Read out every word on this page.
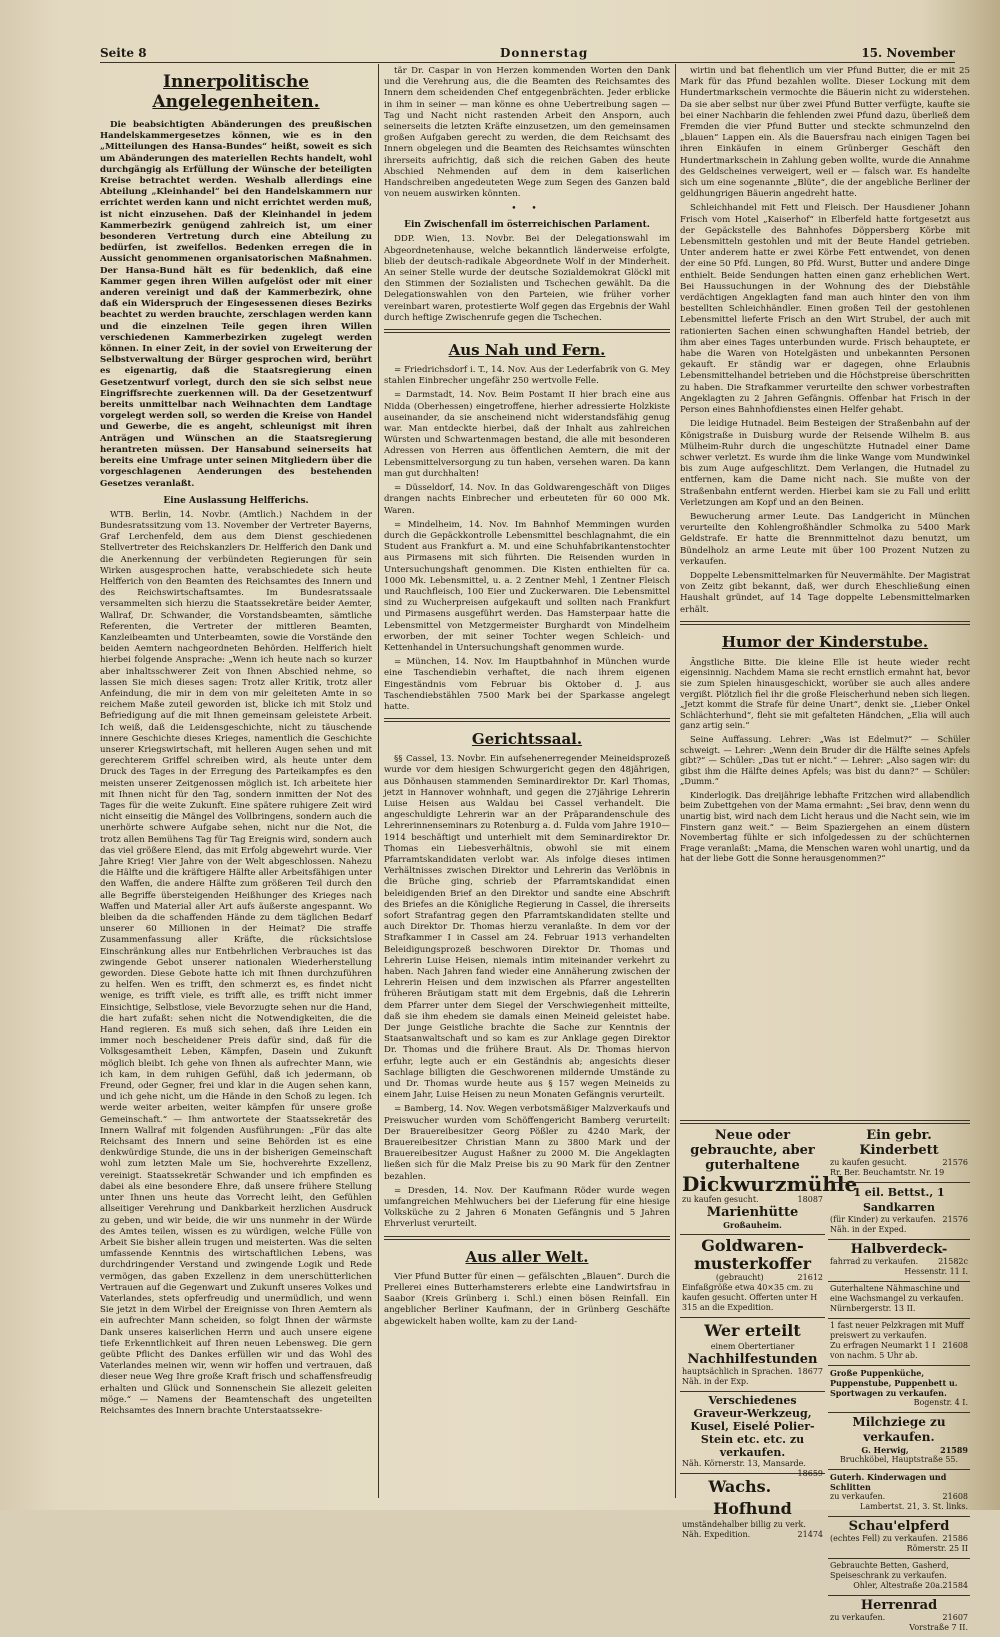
Seite 8	Donnerstag	15. November
Innerpolitische Angelegenheiten.

Die beabsichtigten Abänderungen des preußischen Handelskammergesetzes können, wie es in den „Mitteilungen des Hansa-Bundes“ heißt, soweit es sich um Abänderungen des materiellen Rechts handelt, wohl durchgängig als Erfüllung der Wünsche der beteiligten Kreise betrachtet werden. Weshalb allerdings eine Abteilung „Kleinhandel“ bei den Handelskammern nur errichtet werden kann und nicht errichtet werden muß, ist nicht einzusehen. Daß der Kleinhandel in jedem Kammerbezirk genügend zahlreich ist, um einer besonderen Vertretung durch eine Abteilung zu bedürfen, ist zweifellos. Bedenken erregen die in Aussicht genommenen organisatorischen Maßnahmen. Der Hansa-Bund hält es für bedenklich, daß eine Kammer gegen ihren Willen aufgelöst oder mit einer anderen vereinigt und daß der Kammerbezirk, ohne daß ein Widerspruch der Eingesessenen dieses Bezirks beachtet zu werden brauchte, zerschlagen werden kann und die einzelnen Teile gegen ihren Willen verschiedenen Kammerbezirken zugelegt werden können. In einer Zeit, in der soviel von Erweiterung der Selbstverwaltung der Bürger gesprochen wird, berührt es eigenartig, daß die Staatsregierung einen Gesetzentwurf vorlegt, durch den sie sich selbst neue Eingriffsrechte zuerkennen will. Da der Gesetzentwurf bereits unmittelbar nach Weihnachten dem Landtage vorgelegt werden soll, so werden die Kreise von Handel und Gewerbe, die es angeht, schleunigst mit ihren Anträgen und Wünschen an die Staatsregierung herantreten müssen. Der Hansabund seinerseits hat bereits eine Umfrage unter seinen Mitgliedern über die vorgeschlagenen Aenderungen des bestehenden Gesetzes veranlaßt.

Eine Auslassung Helfferichs.

WTB. Berlin, 14. Novbr. (Amtlich.) Nachdem in der Bundesratssitzung vom 13. November der Vertreter Bayerns, Graf Lerchenfeld, dem aus dem Dienst geschiedenen Stellvertreter des Reichskanzlers Dr. Helfferich den Dank und die Anerkennung der verbündeten Regierungen für sein Wirken ausgesprochen hatte, verabschiedete sich heute Helfferich von den Beamten des Reichsamtes des Innern und des Reichswirtschaftsamtes. Im Bundesratssaale versammelten sich hierzu die Staatssekretäre beider Aemter, Wallraf, Dr. Schwander, die Vorstandsbeamten, sämtliche Referenten, die Vertreter der mittleren Beamten, Kanzleibeamten und Unterbeamten, sowie die Vorstände den beiden Aemtern nachgeordneten Behörden. Helfferich hielt hierbei folgende Ansprache: „Wenn ich heute nach so kurzer aber inhaltsschwerer Zeit von Ihnen Abschied nehme, so lassen Sie mich dieses sagen: Trotz aller Kritik, trotz aller Anfeindung, die mir in dem von mir geleiteten Amte in so reichem Maße zuteil geworden ist, blicke ich mit Stolz und Befriedigung auf die mit Ihnen gemeinsam geleistete Arbeit. Ich weiß, daß die Leidensgeschichte, nicht zu täuschende innere Geschichte dieses Krieges, namentlich die Geschichte unserer Kriegswirtschaft, mit helleren Augen sehen und mit gerechterem Griffel schreiben wird, als heute unter dem Druck des Tages in der Erregung des Parteikampfes es den meisten unserer Zeitgenossen möglich ist. Ich arbeitete hier mit Ihnen nicht für den Tag, sondern inmitten der Not des Tages für die weite Zukunft. Eine spätere ruhigere Zeit wird nicht einseitig die Mängel des Vollbringens, sondern auch die unerhörte schwere Aufgabe sehen, nicht nur die Not, die trotz allen Bemühens Tag für Tag Ereignis wird, sondern auch das viel größere Elend, das mit Erfolg abgewehrt wurde. Vier Jahre Krieg! Vier Jahre von der Welt abgeschlossen. Nahezu die Hälfte und die kräftigere Hälfte aller Arbeitsfähigen unter den Waffen, die andere Hälfte zum größeren Teil durch den alle Begriffe übersteigenden Heißhunger des Krieges nach Waffen und Material aller Art aufs äußerste angespannt. Wo bleiben da die schaffenden Hände zu dem täglichen Bedarf unserer 60 Millionen in der Heimat? Die straffe Zusammenfassung aller Kräfte, die rücksichtslose Einschränkung alles nur Entbehrlichen Verbrauches ist das zwingende Gebot unserer nationalen Wiederherstellung geworden. Diese Gebote hatte ich mit Ihnen durchzuführen zu helfen. Wen es trifft, den schmerzt es, es findet nicht wenige, es trifft viele, es trifft alle, es trifft nicht immer Einsichtige, Selbstlose, viele Bevorzugte sehen nur die Hand, die hart zufaßt: sehen nicht die Notwendigkeiten, die die Hand regieren. Es muß sich sehen, daß ihre Leiden ein immer noch bescheidener Preis dafür sind, daß für die Volksgesamtheit Leben, Kämpfen, Dasein und Zukunft möglich bleibt. Ich gehe von Ihnen als aufrechter Mann, wie ich kam, in dem ruhigen Gefühl, daß ich jedermann, ob Freund, oder Gegner, frei und klar in die Augen sehen kann, und ich gehe nicht, um die Hände in den Schoß zu legen. Ich werde weiter arbeiten, weiter kämpfen für unsere große Gemeinschaft.“ — Ihm antwortete der Staatssekretär des Innern Wallraf mit folgenden Ausführungen: „Für das alte Reichsamt des Innern und seine Behörden ist es eine denkwürdige Stunde, die uns in der bisherigen Gemeinschaft wohl zum letzten Male um Sie, hochverehrte Exzellenz, vereinigt. Staatssekretär Schwander und ich empfinden es dabei als eine besondere Ehre, daß unsere frühere Stellung unter Ihnen uns heute das Vorrecht leiht, den Gefühlen allseitiger Verehrung und Dankbarkeit herzlichen Ausdruck zu geben, und wir beide, die wir uns nunmehr in der Würde des Amtes teilen, wissen es zu würdigen, welche Fülle von Arbeit Sie bisher allein trugen und meisterten. Was die selten umfassende Kenntnis des wirtschaftlichen Lebens, was durchdringender Verstand und zwingende Logik und Rede vermögen, das gaben Exzellenz in dem unerschütterlichen Vertrauen auf die Gegenwart und Zukunft unseres Volkes und Vaterlandes, stets opferfreudig und unermüdlich, und wenn Sie jetzt in dem Wirbel der Ereignisse von Ihren Aemtern als ein aufrechter Mann scheiden, so folgt Ihnen der wärmste Dank unseres kaiserlichen Herrn und auch unsere eigene tiefe Erkenntlichkeit auf Ihren neuen Lebensweg. Die gern geübte Pflicht des Dankes erfüllen wir und das Wohl des Vaterlandes meinen wir, wenn wir hoffen und vertrauen, daß dieser neue Weg Ihre große Kraft frisch und schaffensfreudig erhalten und Glück und Sonnenschein Sie allezeit geleiten möge.“ — Namens der Beamtenschaft des ungeteilten Reichsamtes des Innern brachte Unterstaatssekre-

tär Dr. Caspar in von Herzen kommenden Worten den Dank und die Verehrung aus, die die Beamten des Reichsamtes des Innern dem scheidenden Chef entgegenbrächten. Jeder erblicke in ihm in seiner — man könne es ohne Uebertreibung sagen — Tag und Nacht nicht rastenden Arbeit den Ansporn, auch seinerseits die letzten Kräfte einzusetzen, um den gemeinsamen großen Aufgaben gerecht zu werden, die dem Reichsamt des Innern obgelegen und die Beamten des Reichsamtes wünschten ihrerseits aufrichtig, daß sich die reichen Gaben des heute Abschied Nehmenden auf dem in dem kaiserlichen Handschreiben angedeuteten Wege zum Segen des Ganzen bald von neuem auswirken könnten.

• •
Ein Zwischenfall im österreichischen Parlament.

DDP. Wien, 13. Novbr. Bei der Delegationswahl im Abgeordnetenhause, welche bekanntlich länderweise erfolgte, blieb der deutsch-radikale Abgeordnete Wolf in der Minderheit. An seiner Stelle wurde der deutsche Sozialdemokrat Glöckl mit den Stimmen der Sozialisten und Tschechen gewählt. Da die Delegationswahlen von den Parteien, wie früher vorher vereinbart waren, protestierte Wolf gegen das Ergebnis der Wahl durch heftige Zwischenrufe gegen die Tschechen.

Aus Nah und Fern.

= Friedrichsdorf i. T., 14. Nov. Aus der Lederfabrik von G. Mey stahlen Einbrecher ungefähr 250 wertvolle Felle.

= Darmstadt, 14. Nov. Beim Postamt II hier brach eine aus Nidda (Oberhessen) eingetroffene, hierher adressierte Holzkiste auseinander, da sie anscheinend nicht widerstandsfähig genug war. Man entdeckte hierbei, daß der Inhalt aus zahlreichen Würsten und Schwartenmagen bestand, die alle mit besonderen Adressen von Herren aus öffentlichen Aemtern, die mit der Lebensmittelversorgung zu tun haben, versehen waren. Da kann man gut durchhalten!

= Düsseldorf, 14. Nov. In das Goldwarengeschäft von Diiges drangen nachts Einbrecher und erbeuteten für 60 000 Mk. Waren.

= Mindelheim, 14. Nov. Im Bahnhof Memmingen wurden durch die Gepäckkontrolle Lebensmittel beschlagnahmt, die ein Student aus Frankfurt a. M. und eine Schuhfabrikantenstochter aus Pirmasens mit sich führten. Die Reisenden wurden in Untersuchungshaft genommen. Die Kisten enthielten für ca. 1000 Mk. Lebensmittel, u. a. 2 Zentner Mehl, 1 Zentner Fleisch und Rauchfleisch, 100 Eier und Zuckerwaren. Die Lebensmittel sind zu Wucherpreisen aufgekauft und sollten nach Frankfurt und Pirmasens ausgeführt werden. Das Hamsterpaar hatte die Lebensmittel von Metzgermeister Burghardt von Mindelheim erworben, der mit seiner Tochter wegen Schleich- und Kettenhandel in Untersuchungshaft genommen wurde.

= München, 14. Nov. Im Hauptbahnhof in München wurde eine Taschendiebin verhaftet, die nach ihrem eigenen Eingeständnis vom Februar bis Oktober d. J. aus Taschendiebstählen 7500 Mark bei der Sparkasse angelegt hatte.

Gerichtssaal.

§§ Cassel, 13. Novbr. Ein aufsehenerregender Meineidsprozeß wurde vor dem hiesigen Schwurgericht gegen den 48jährigen, aus Dönhausen stammenden Seminardirektor Dr. Karl Thomas, jetzt in Hannover wohnhaft, und gegen die 27jährige Lehrerin Luise Heisen aus Waldau bei Cassel verhandelt. Die angeschuldigte Lehrerin war an der Präparandenschule des Lehrerinnenseminars zu Rotenburg a. d. Fulda vom Jahre 1910—1914 beschäftigt und unterhielt mit dem Seminardirektor Dr. Thomas ein Liebesverhältnis, obwohl sie mit einem Pfarramtskandidaten verlobt war. Als infolge dieses intimen Verhältnisses zwischen Direktor und Lehrerin das Verlöbnis in die Brüche ging, schrieb der Pfarramtskandidat einen beleidigenden Brief an den Direktor und sandte eine Abschrift des Briefes an die Königliche Regierung in Cassel, die ihrerseits sofort Strafantrag gegen den Pfarramtskandidaten stellte und auch Direktor Dr. Thomas hierzu veranlaßte. In dem vor der Strafkammer I in Cassel am 24. Februar 1913 verhandelten Beleidigungsprozeß beschworen Direktor Dr. Thomas und Lehrerin Luise Heisen, niemals intim miteinander verkehrt zu haben. Nach Jahren fand wieder eine Annäherung zwischen der Lehrerin Heisen und dem inzwischen als Pfarrer angestellten früheren Bräutigam statt mit dem Ergebnis, daß die Lehrerin dem Pfarrer unter dem Siegel der Verschwiegenheit mitteilte, daß sie ihm ehedem sie damals einen Meineid geleistet habe. Der junge Geistliche brachte die Sache zur Kenntnis der Staatsanwaltschaft und so kam es zur Anklage gegen Direktor Dr. Thomas und die frühere Braut. Als Dr. Thomas hiervon erfuhr, legte auch er ein Geständnis ab; angesichts dieser Sachlage billigten die Geschworenen mildernde Umstände zu und Dr. Thomas wurde heute aus § 157 wegen Meineids zu einem Jahr, Luise Heisen zu neun Monaten Gefängnis verurteilt.

= Bamberg, 14. Nov. Wegen verbotsmäßiger Malzverkaufs und Preiswucher wurden vom Schöffengericht Bamberg verurteilt: Der Brauereibesitzer Georg Pößler zu 4240 Mark, der Brauereibesitzer Christian Mann zu 3800 Mark und der Brauereibesitzer August Haßner zu 2000 M. Die Angeklagten ließen sich für die Malz Preise bis zu 90 Mark für den Zentner bezahlen.

= Dresden, 14. Nov. Der Kaufmann Röder wurde wegen umfangreichen Mehlwuchers bei der Lieferung für eine hiesige Volksküche zu 2 Jahren 6 Monaten Gefängnis und 5 Jahren Ehrverlust verurteilt.

Aus aller Welt.

Vier Pfund Butter für einen — gefälschten „Blauen“. Durch die Prellerei eines Butterhamsterers erlebte eine Landwirtsfrau in Saabor (Kreis Grünberg i. Schl.) einen bösen Reinfall. Ein angeblicher Berliner Kaufmann, der in Grünberg Geschäfte abgewickelt haben wollte, kam zu der Land-

wirtin und bat flehentlich um vier Pfund Butter, die er mit 25 Mark für das Pfund bezahlen wollte. Dieser Lockung mit dem Hundertmarkschein vermochte die Bäuerin nicht zu widerstehen. Da sie aber selbst nur über zwei Pfund Butter verfügte, kaufte sie bei einer Nachbarin die fehlenden zwei Pfund dazu, überließ dem Fremden die vier Pfund Butter und steckte schmunzelnd den „blauen“ Lappen ein. Als die Bauersfrau nach einigen Tagen bei ihren Einkäufen in einem Grünberger Geschäft den Hundertmarkschein in Zahlung geben wollte, wurde die Annahme des Geldscheines verweigert, weil er — falsch war. Es handelte sich um eine sogenannte „Blüte“, die der angebliche Berliner der geldhungrigen Bäuerin angedreht hatte.

Schleichhandel mit Fett und Fleisch. Der Hausdiener Johann Frisch vom Hotel „Kaiserhof“ in Elberfeld hatte fortgesetzt aus der Gepäckstelle des Bahnhofes Döppersberg Körbe mit Lebensmitteln gestohlen und mit der Beute Handel getrieben. Unter anderem hatte er zwei Körbe Fett entwendet, von denen der eine 50 Pfd. Lungen, 80 Pfd. Wurst, Butter und andere Dinge enthielt. Beide Sendungen hatten einen ganz erheblichen Wert. Bei Haussuchungen in der Wohnung des der Diebstähle verdächtigen Angeklagten fand man auch hinter den von ihm bestellten Schleichhändler. Einen großen Teil der gestohlenen Lebensmittel lieferte Frisch an den Wirt Strubel, der auch mit rationierten Sachen einen schwunghaften Handel betrieb, der ihm aber eines Tages unterbunden wurde. Frisch behauptete, er habe die Waren von Hotelgästen und unbekannten Personen gekauft. Er ständig war er dagegen, ohne Erlaubnis Lebensmittelhandel betrieben und die Höchstpreise überschritten zu haben. Die Strafkammer verurteilte den schwer vorbestraften Angeklagten zu 2 Jahren Gefängnis. Offenbar hat Frisch in der Person eines Bahnhofdienstes einen Helfer gehabt.

Die leidige Hutnadel. Beim Besteigen der Straßenbahn auf der Königstraße in Duisburg wurde der Reisende Wilhelm B. aus Mülheim-Ruhr durch die ungeschützte Hutnadel einer Dame schwer verletzt. Es wurde ihm die linke Wange vom Mundwinkel bis zum Auge aufgeschlitzt. Dem Verlangen, die Hutnadel zu entfernen, kam die Dame nicht nach. Sie mußte von der Straßenbahn entfernt werden. Hierbei kam sie zu Fall und erlitt Verletzungen am Kopf und an den Beinen.

Bewucherung armer Leute. Das Landgericht in München verurteilte den Kohlengroßhändler Schmolka zu 5400 Mark Geldstrafe. Er hatte die Brennmittelnot dazu benutzt, um Bündelholz an arme Leute mit über 100 Prozent Nutzen zu verkaufen.

Doppelte Lebensmittelmarken für Neuvermählte. Der Magistrat von Zeitz gibt bekannt, daß, wer durch Eheschließung einen Haushalt gründet, auf 14 Tage doppelte Lebensmittelmarken erhält.

Humor der Kinderstube.

Ängstliche Bitte. Die kleine Elle ist heute wieder recht eigensinnig. Nachdem Mama sie recht ernstlich ermahnt hat, bevor sie zum Spielen hinausgeschickt, worüber sie auch alles andere vergißt. Plötzlich fiel ihr die große Fleischerhund neben sich liegen. „Jetzt kommt die Strafe für deine Unart“, denkt sie. „Lieber Onkel Schlächterhund“, fleht sie mit gefalteten Händchen, „Elia will auch ganz artig sein.“

Seine Auffassung. Lehrer: „Was ist Edelmut?“ — Schüler schweigt. — Lehrer: „Wenn dein Bruder dir die Hälfte seines Apfels gibt?“ — Schüler: „Das tut er nicht.“ — Lehrer: „Also sagen wir: du gibst ihm die Hälfte deines Apfels; was bist du dann?“ — Schüler: „Dumm.“

Kinderlogik. Das dreijährige lebhafte Fritzchen wird allabendlich beim Zubettgehen von der Mama ermahnt: „Sei brav, denn wenn du unartig bist, wird nach dem Licht heraus und die Nacht sein, wie im Finstern ganz weit.“ — Beim Spaziergehen an einem düstern Novembertag fühlte er sich infolgedessen zu der schüchternen Frage veranlaßt: „Mama, die Menschen waren wohl unartig, und da hat der liebe Gott die Sonne herausgenommen?“

Neue oder gebrauchte, aber guterhaltene
Dickwurzmühle
zu kaufen gesucht.	18087
Marienhütte
Großauheim.
Goldwaren-musterkoffer
(gebraucht)	21612
Einfaßgröße etwa 40×35 cm. zu kaufen gesucht. Offerten unter H 315 an die Expedition.
Wer erteilt
einem Obertertianer
Nachhilfestunden
hauptsächlich in Sprachen. 18677
Näh. in der Exp.
Verschiedenes Graveur-Werkzeug, Kusel, Eiselé Polier-Stein etc. etc. zu verkaufen.
Näh. Körnerstr. 13, Mansarde.
18659
Wachs. Hofhund
umständehalber billig zu verk.
21474
Näh. Expedition.
Ein gebr. Kinderbett
zu kaufen gesucht.	21576
Rr. Ber. Beuchamtstr. Nr. 19
1 eil. Bettst., 1 Sandkarren
(für Kinder) zu verkaufen. 21576
Näh. in der Exped.
Halbverdeck-
fahrrad zu verkaufen. 21582c
Hessenstr. 11 I.
Guterhaltene Nähmaschine und eine Wachsmangel zu verkaufen. Nürnbergerstr. 13 II.
1 fast neuer Pelzkragen mit Muff preiswert zu verkaufen.
Zu erfragen Neumarkt 1 I 21608
von nachm. 5 Uhr ab.
Große Puppenküche, Puppenstube, Puppenbett u. Sportwagen zu verkaufen.
Bogenstr. 4 I.
Milchziege zu verkaufen.
G. Herwig,	21589
Bruchköbel, Hauptstraße 55.
Guterh. Kinderwagen und Schlitten
zu verkaufen.	21608
Lambertst. 21, 3. St. links.
Schau'elpferd
(echtes Fell) zu verkaufen. 21586
Römerstr. 25 II
Gebrauchte Betten, Gasherd, Speiseschrank zu verkaufen.
21584
Ohler, Altestraße 20a.
Herrenrad
zu verkaufen.	21607
Vorstraße 7 II.
